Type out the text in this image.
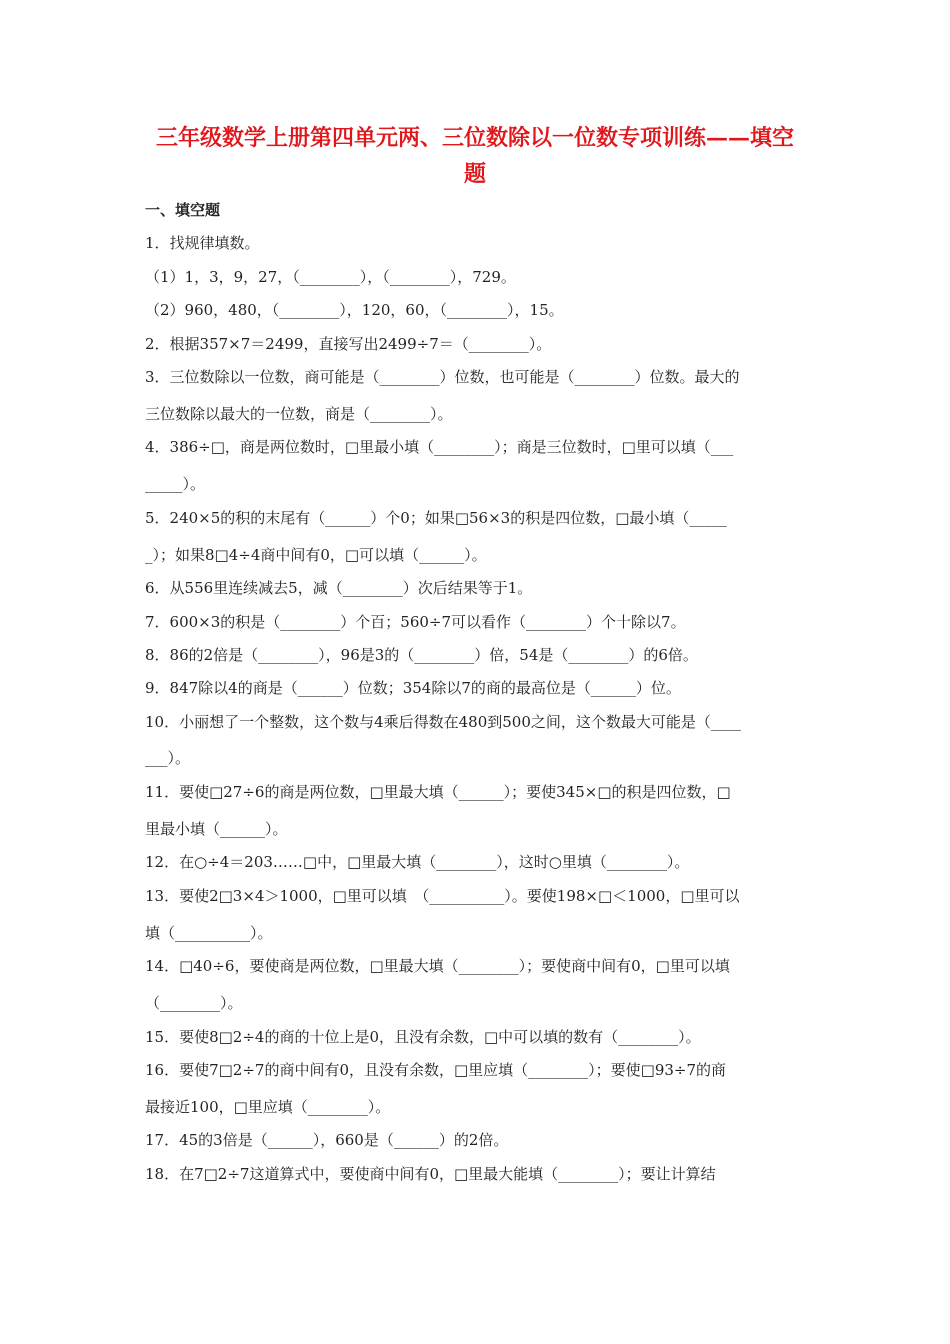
三年级数学上册第四单元两、三位数除以一位数专项训练——填空
题
一、填空题
1．找规律填数。
（1）1，3，9，27，（________），（________），729。
（2）960，480，（________），120，60，（________），15。
2．根据357×7＝2499，直接写出2499÷7＝（________）。
3．三位数除以一位数，商可能是（________）位数，也可能是（________）位数。最大的
三位数除以最大的一位数，商是（________）。
4．386÷□，商是两位数时，□里最小填（________）；商是三位数时，□里可以填（___
_____）。
5．240×5的积的末尾有（______）个0；如果□56×3的积是四位数，□最小填（_____
_）；如果8□4÷4商中间有0，□可以填（______）。
6．从556里连续减去5，减（________）次后结果等于1。
7．600×3的积是（________）个百；560÷7可以看作（________）个十除以7。
8．86的2倍是（________），96是3的（________）倍，54是（________）的6倍。
9．847除以4的商是（______）位数；354除以7的商的最高位是（______）位。
10．小丽想了一个整数，这个数与4乘后得数在480到500之间，这个数最大可能是（____
___）。
11．要使□27÷6的商是两位数，□里最大填（______）；要使345×□的积是四位数，□
里最小填（______）。
12．在○÷4＝203……□中，□里最大填（________），这时○里填（________）。
13．要使2□3×4＞1000，□里可以填　（__________）。要使198×□＜1000，□里可以
填（__________）。
14．□40÷6，要使商是两位数，□里最大填（________）；要使商中间有0，□里可以填
（________）。
15．要使8□2÷4的商的十位上是0，且没有余数，□中可以填的数有（________）。
16．要使7□2÷7的商中间有0，且没有余数，□里应填（________）；要使□93÷7的商
最接近100，□里应填（________）。
17．45的3倍是（______），660是（______）的2倍。
18．在7□2÷7这道算式中，要使商中间有0，□里最大能填（________）；要让计算结
